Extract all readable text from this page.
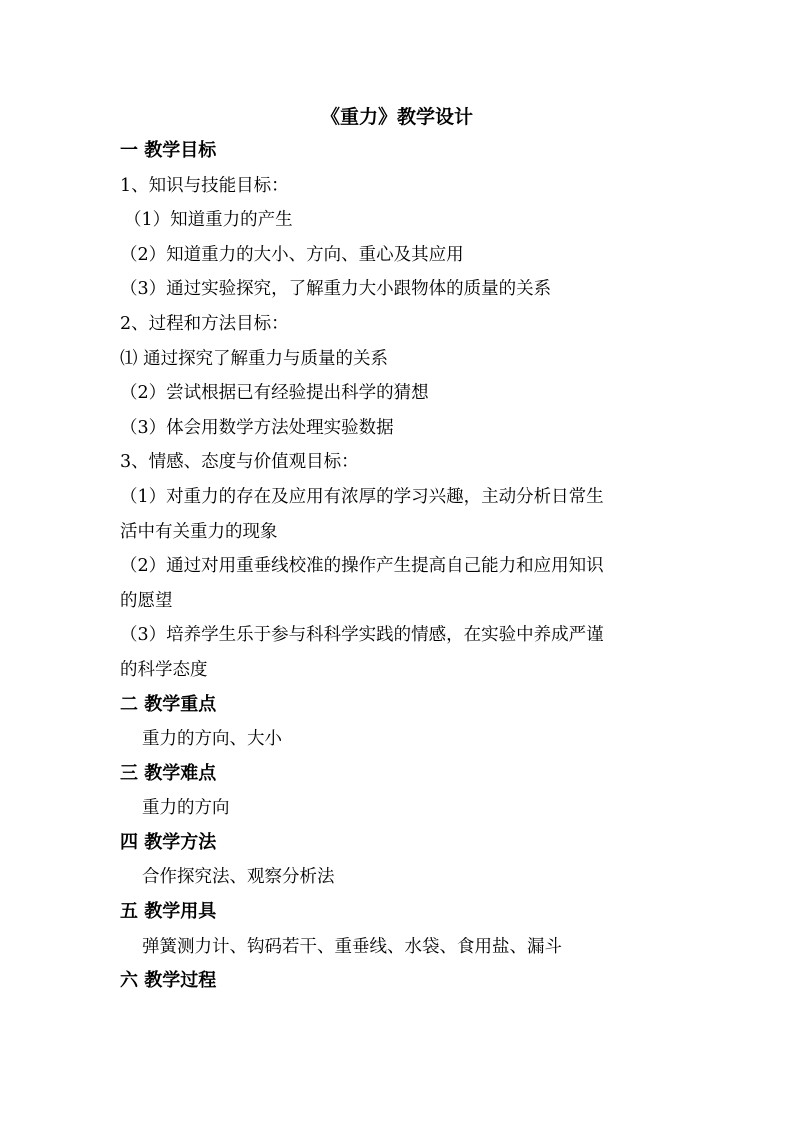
《重力》教学设计
一 教学目标
1、知识与技能目标：
（1）知道重力的产生
（2）知道重力的大小、方向、重心及其应用
（3）通过实验探究，了解重力大小跟物体的质量的关系
2、过程和方法目标：
⑴ 通过探究了解重力与质量的关系
（2）尝试根据已有经验提出科学的猜想
（3）体会用数学方法处理实验数据
3、情感、态度与价值观目标：
（1）对重力的存在及应用有浓厚的学习兴趣，主动分析日常生
活中有关重力的现象
（2）通过对用重垂线校准的操作产生提高自己能力和应用知识
的愿望
（3）培养学生乐于参与科科学实践的情感，在实验中养成严谨
的科学态度
二 教学重点
重力的方向、大小
三 教学难点
重力的方向
四 教学方法
合作探究法、观察分析法
五 教学用具
弹簧测力计、钩码若干、重垂线、水袋、食用盐、漏斗
六 教学过程
